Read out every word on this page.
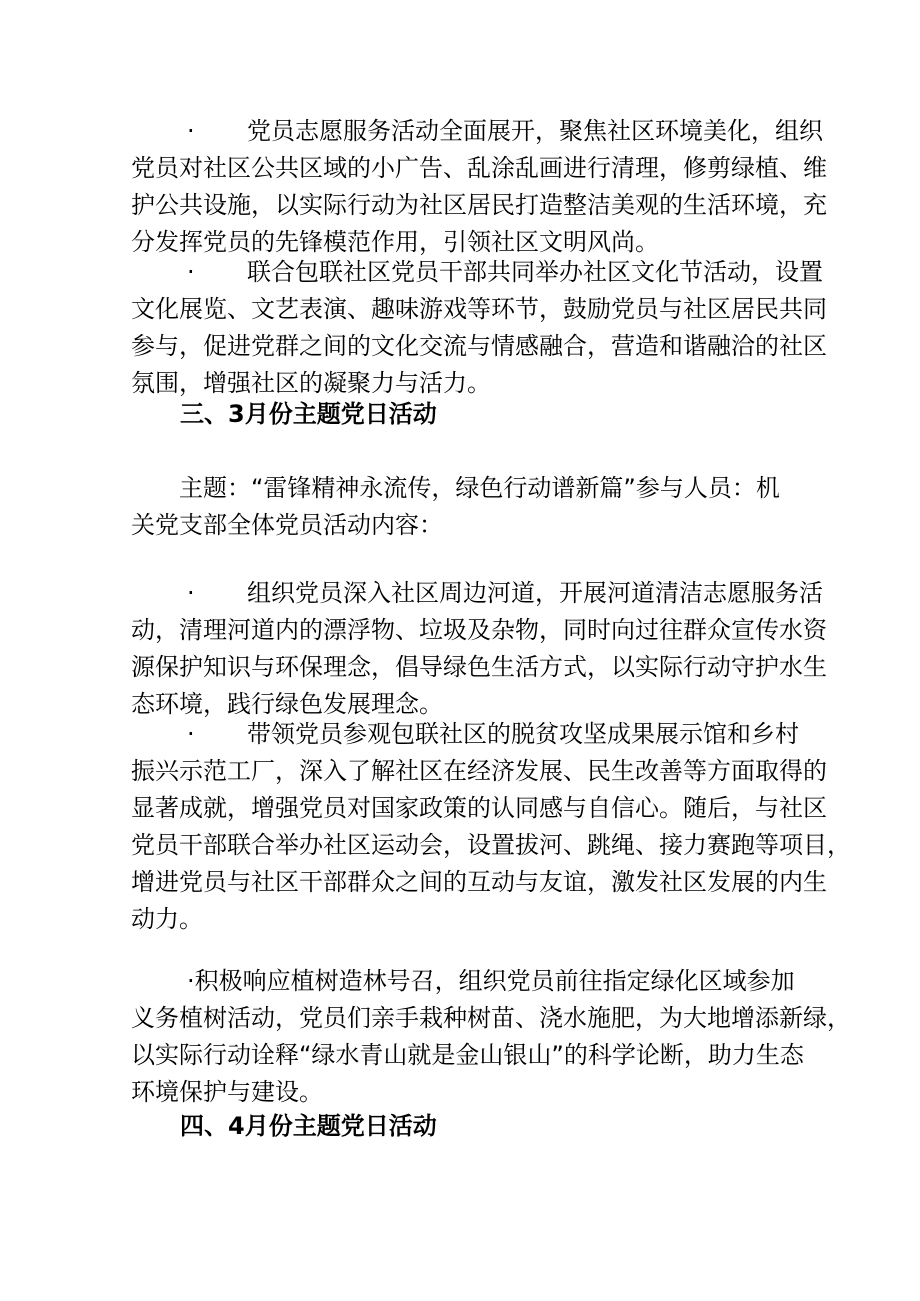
· 党员志愿服务活动全面展开，聚焦社区环境美化，组织
党员对社区公共区域的小广告、乱涂乱画进行清理，修剪绿植、维
护公共设施，以实际行动为社区居民打造整洁美观的生活环境，充
分发挥党员的先锋模范作用，引领社区文明风尚。
· 联合包联社区党员干部共同举办社区文化节活动，设置
文化展览、文艺表演、趣味游戏等环节，鼓励党员与社区居民共同
参与，促进党群之间的文化交流与情感融合，营造和谐融洽的社区
氛围，增强社区的凝聚力与活力。
三、3月份主题党日活动
主题：“雷锋精神永流传，绿色行动谱新篇”参与人员：机
关党支部全体党员活动内容：
· 组织党员深入社区周边河道，开展河道清洁志愿服务活
动，清理河道内的漂浮物、垃圾及杂物，同时向过往群众宣传水资
源保护知识与环保理念，倡导绿色生活方式，以实际行动守护水生
态环境，践行绿色发展理念。
· 带领党员参观包联社区的脱贫攻坚成果展示馆和乡村
振兴示范工厂，深入了解社区在经济发展、民生改善等方面取得的
显著成就，增强党员对国家政策的认同感与自信心。随后，与社区
党员干部联合举办社区运动会，设置拔河、跳绳、接力赛跑等项目，
增进党员与社区干部群众之间的互动与友谊，激发社区发展的内生
动力。
·积极响应植树造林号召，组织党员前往指定绿化区域参加
义务植树活动，党员们亲手栽种树苗、浇水施肥，为大地增添新绿，
以实际行动诠释“绿水青山就是金山银山”的科学论断，助力生态
环境保护与建设。
四、4月份主题党日活动
